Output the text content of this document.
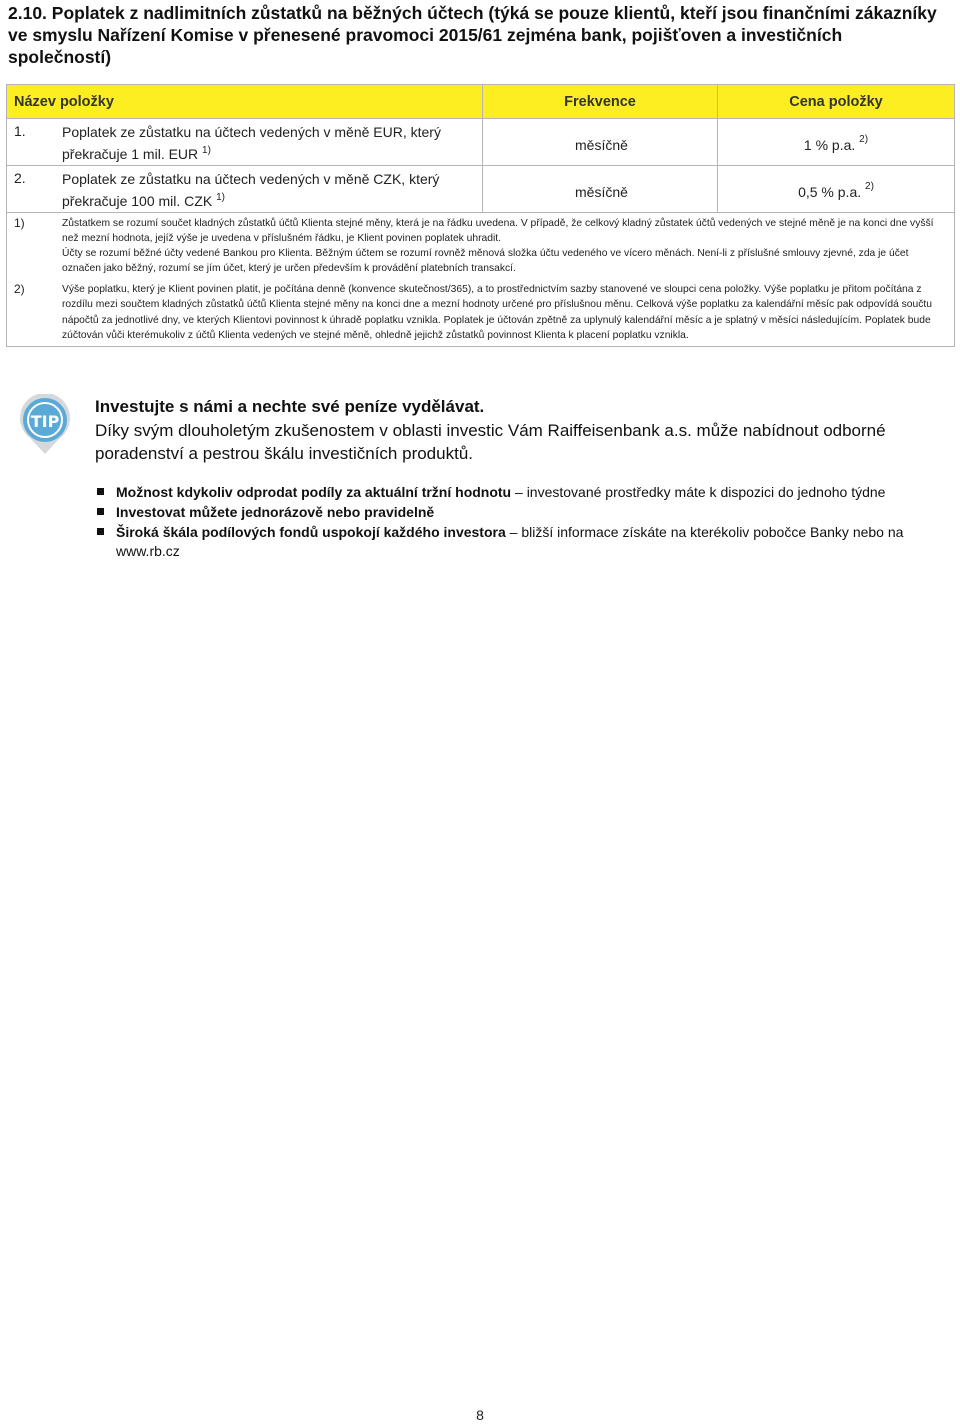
2.10. Poplatek z nadlimitních zůstatků na běžných účtech (týká se pouze klientů, kteří jsou finančními zákazníky ve smyslu Nařízení Komise v přenesené pravomoci 2015/61 zejména bank, pojišťoven a investičních společností)
Název položky	Frekvence	Cena položky

1. Poplatek ze zůstatku na účtech vedených v měně EUR, který překračuje 1 mil. EUR $^{1)}$	měsíčně	1 % p.a. $^{2)}$

2. Poplatek ze zůstatku na účtech vedených v měně CZK, který překračuje 100 mil. CZK $^{1)}$	měsíčně	0,5 % p.a. $^{2)}$

1) Zůstatkem se rozumí součet kladných zůstatků účtů Klienta stejné měny, která je na řádku uvedena. V případě, že celkový kladný zůstatek účtů vedených ve stejné měně je na konci dne vyšší než mezní hodnota, jejíž výše je uvedena v příslušném řádku, je Klient povinen poplatek uhradit.
Účty se rozumí běžné účty vedené Bankou pro Klienta. Běžným účtem se rozumí rovněž měnová složka účtu vedeného ve vícero měnách. Není-li z příslušné smlouvy zjevné, zda je účet označen jako běžný, rozumí se jím účet, který je určen především k provádění platebních transakcí.
2) Výše poplatku, který je Klient povinen platit, je počítána denně (konvence skutečnost/365), a to prostřednictvím sazby stanovené ve sloupci cena položky. Výše poplatku je přitom počítána z rozdílu mezi součtem kladných zůstatků účtů Klienta stejné měny na konci dne a mezní hodnoty určené pro příslušnou měnu. Celková výše poplatku za kalendářní měsíc pak odpovídá součtu nápočtů za jednotlivé dny, ve kterých Klientovi povinnost k úhradě poplatku vznikla. Poplatek je účtován zpětně za uplynulý kalendářní měsíc a je splatný v měsíci následujícím. Poplatek bude zúčtován vůči kterémukoliv z účtů Klienta vedených ve stejné měně, ohledně jejichž zůstatků povinnost Klienta k placení poplatku vznikla.		
TIP
Investujte s námi a nechte své peníze vydělávat.
Díky svým dlouholetým zkušenostem v oblasti investic Vám Raiffeisenbank a.s. může nabídnout odborné poradenství a pestrou škálu investičních produktů.
Možnost kdykoliv odprodat podíly za aktuální tržní hodnotu – investované prostředky máte k dispozici do jednoho týdne
Investovat můžete jednorázově nebo pravidelně
Široká škála podílových fondů uspokojí každého investora – bližší informace získáte na kterékoliv pobočce Banky nebo na www.rb.cz
8
